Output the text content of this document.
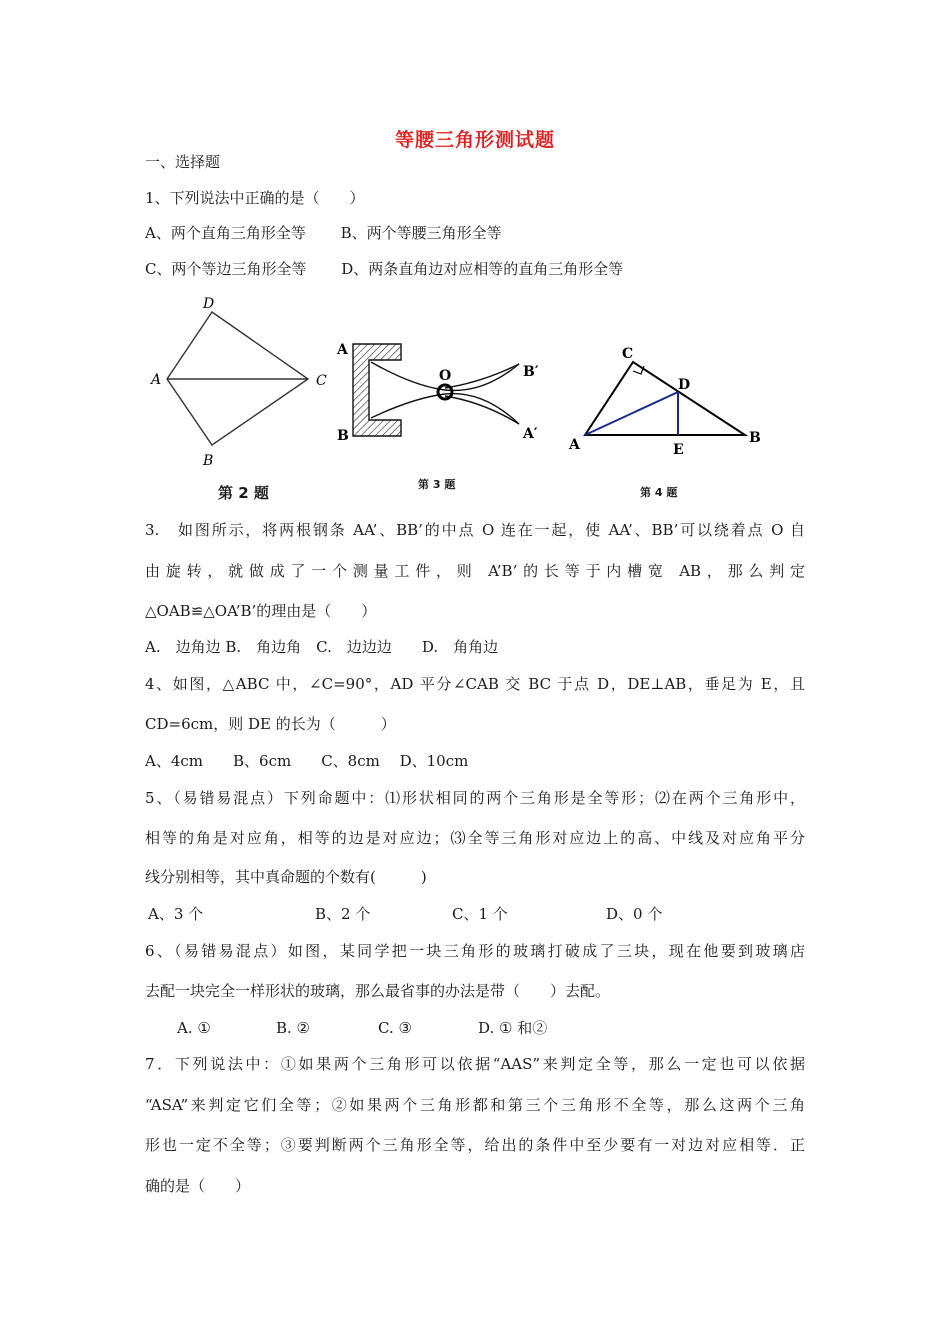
等腰三角形测试题
一、选择题
1、下列说法中正确的是（　　）
A、两个直角三角形全等　　 B、两个等腰三角形全等
C、两个等边三角形全等　　 D、两条直角边对应相等的直角三角形全等
D
A	C
B
第 2 题
A
B
O	B′
A′
第 3 题
C
D
A	E
B
第 4 题
3.　如图所示，将两根钢条 AA’、BB’的中点 O 连在一起，使 AA’、BB’可以绕着点 O 自
由旋转，就做成了一个测量工件，则 A’B’的长等于内槽宽 AB，那么判定
△OAB≌△OA’B’的理由是（　　）
A.　边角边 B.　角边角　C.　边边边　　D.　角角边
4、如图，△ABC 中，∠C=90°，AD 平分∠CAB 交 BC 于点 D，DE⊥AB，垂足为 E，且
CD=6cm，则 DE 的长为（　　　）
A、4cm　　B、6cm　　C、8cm　 D、10cm
5、（易错易混点）下列命题中：⑴形状相同的两个三角形是全等形；⑵在两个三角形中，
相等的角是对应角，相等的边是对应边；⑶全等三角形对应边上的高、中线及对应角平分
线分别相等，其中真命题的个数有(　　　)
A、3 个	B、2 个	C、1 个	D、0 个
6、（易错易混点）如图，某同学把一块三角形的玻璃打破成了三块，现在他要到玻璃店
去配一块完全一样形状的玻璃，那么最省事的办法是带（　　）去配。
A. ①	B. ②	C. ③	D. ① 和②
7．下列说法中：①如果两个三角形可以依据“AAS”来判定全等，那么一定也可以依据
“ASA”来判定它们全等；②如果两个三角形都和第三个三角形不全等，那么这两个三角
形也一定不全等；③要判断两个三角形全等，给出的条件中至少要有一对边对应相等．正
确的是（　　）
